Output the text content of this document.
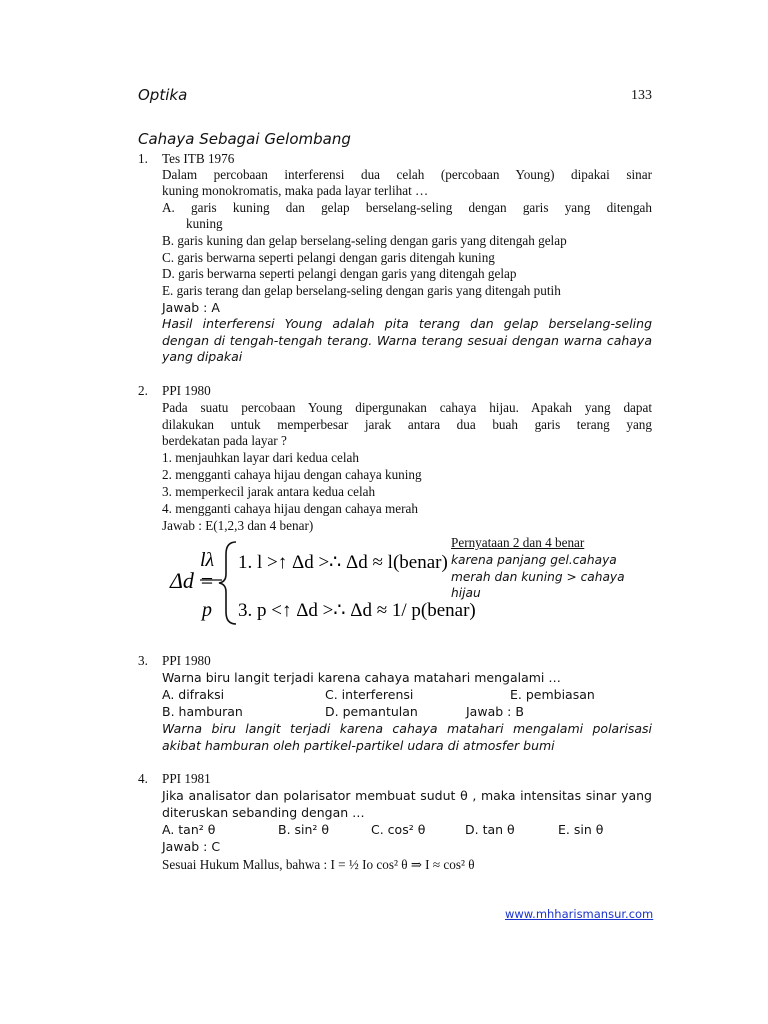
Optika	133
Cahaya Sebagai Gelombang
1. Tes ITB 1976
Dalam percobaan interferensi dua celah (percobaan Young) dipakai sinar
kuning monokromatis, maka pada layar terlihat …
A. garis kuning dan gelap berselang-seling dengan garis yang ditengah
kuning
B. garis kuning dan gelap berselang-seling dengan garis yang ditengah gelap
C. garis berwarna seperti pelangi dengan garis ditengah kuning
D. garis berwarna seperti pelangi dengan garis yang ditengah gelap
E. garis terang dan gelap berselang-seling dengan garis yang ditengah putih
Jawab : A
Hasil interferensi Young adalah pita terang dan gelap berselang-seling
dengan di tengah-tengah terang. Warna terang sesuai dengan warna cahaya
yang dipakai
2. PPI 1980
Pada suatu percobaan Young dipergunakan cahaya hijau. Apakah yang dapat
dilakukan untuk memperbesar jarak antara dua buah garis terang yang
berdekatan pada layar ?
1. menjauhkan layar dari kedua celah
2. mengganti cahaya hijau dengan cahaya kuning
3. memperkecil jarak antara kedua celah
4. mengganti cahaya hijau dengan cahaya merah
Jawab : E(1,2,3 dan 4 benar)
Δd =
lλ
p
1. l >↑ Δd >∴ Δd ≈ l(benar)
3. p <↑ Δd >∴ Δd ≈ 1/ p(benar)
Pernyataan 2 dan 4 benar
karena panjang gel.cahaya
merah dan kuning > cahaya
hijau
3. PPI 1980
Warna biru langit terjadi karena cahaya matahari mengalami …
A. difraksi	C. interferensi	E. pembiasan
B. hamburan	D. pemantulan	Jawab : B
Warna biru langit terjadi karena cahaya matahari mengalami polarisasi
akibat hamburan oleh partikel-partikel udara di atmosfer bumi
4. PPI 1981
Jika analisator dan polarisator membuat sudut θ , maka intensitas sinar yang
diteruskan sebanding dengan …
A. tan² θ	B. sin² θ	C. cos² θ	D. tan θ	E. sin θ
Jawab : C
Sesuai Hukum Mallus, bahwa : I = ½ Io cos² θ ⇒ I ≈ cos² θ
www.mhharismansur.com
